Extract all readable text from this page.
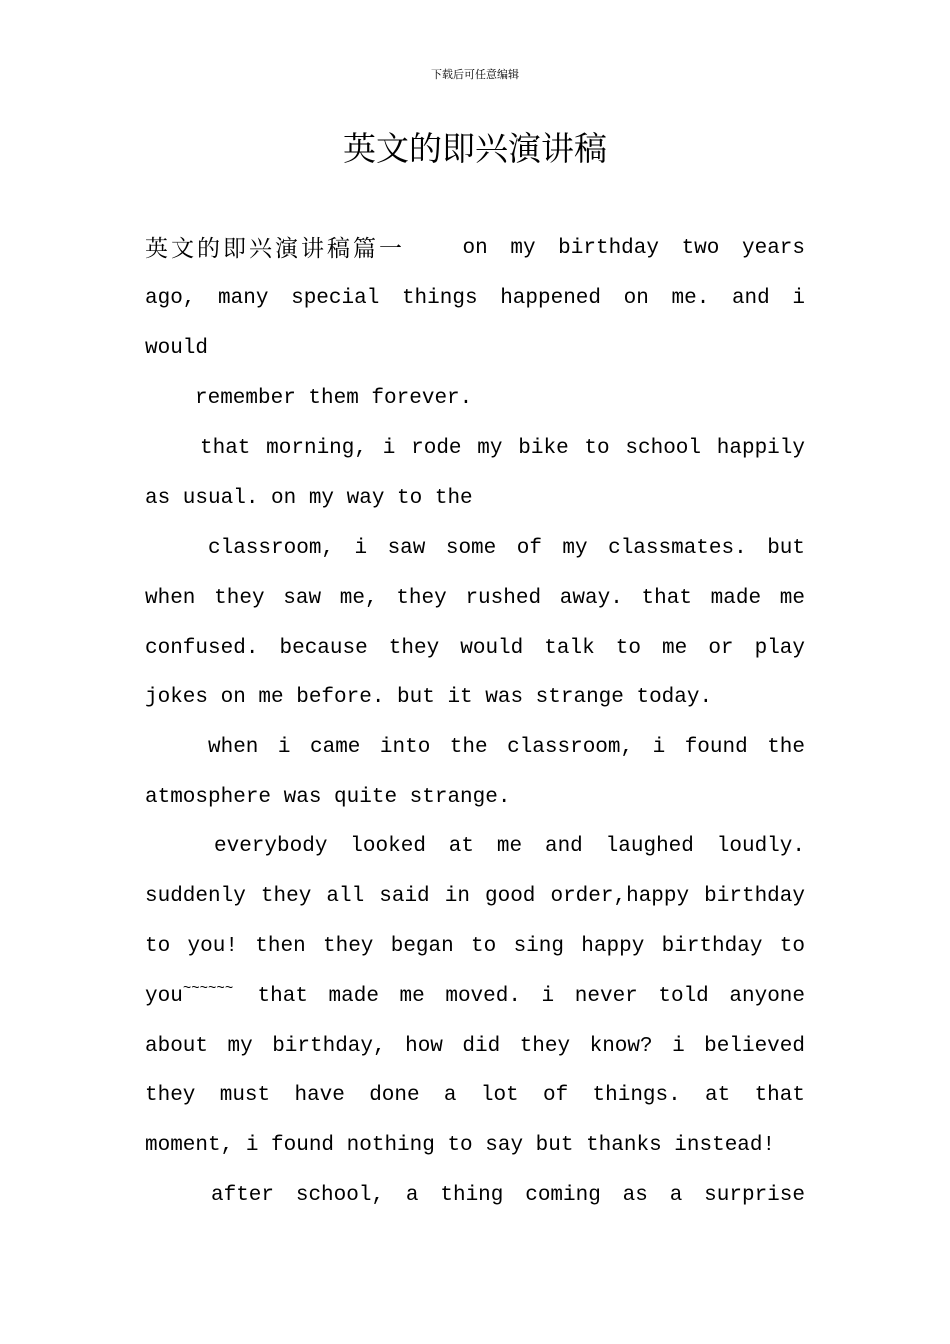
下载后可任意编辑
英文的即兴演讲稿
英文的即兴演讲稿篇一	on my birthday two years
ago, many special things happened on me. and i
would
remember them forever.
that morning, i rode my bike to school happily
as usual. on my way to the
classroom, i saw some of my classmates. but
when they saw me, they rushed away. that made me
confused. because they would talk to me or play
jokes on me before. but it was strange today.
when i came into the classroom, i found the
atmosphere was quite strange.
everybody looked at me and laughed loudly.
suddenly they all said in good order,happy birthday
to you! then they began to sing happy birthday to
you~~~~~~ that made me moved. i never told anyone
about my birthday, how did they know? i believed
they must have done a lot of things. at that
moment, i found nothing to say but thanks instead!
after school, a thing coming as a surprise
